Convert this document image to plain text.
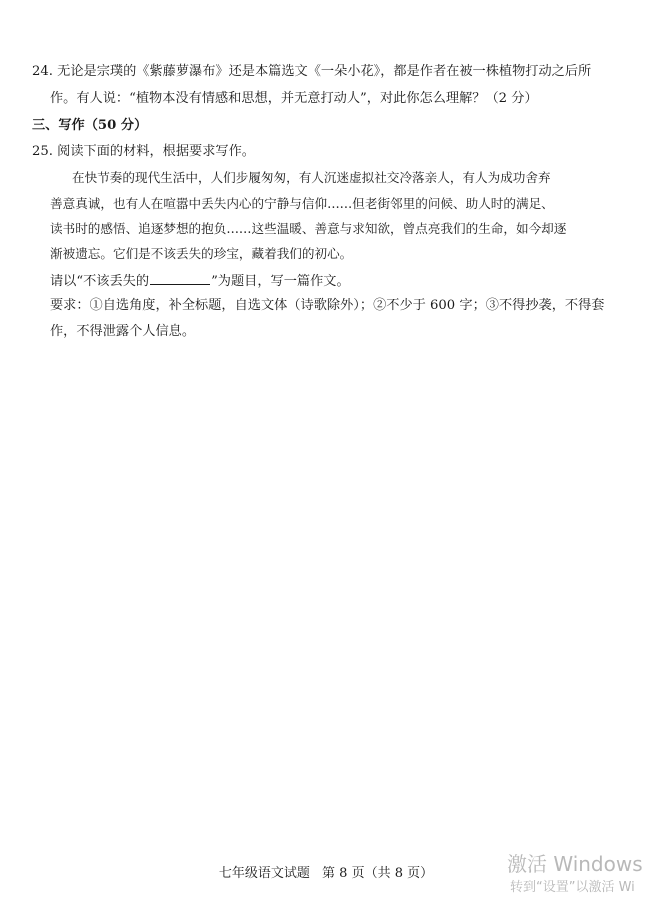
24. 无论是宗璞的《紫藤萝瀑布》还是本篇选文《一朵小花》，都是作者在被一株植物打动之后所
作。有人说：“植物本没有情感和思想，并无意打动人”，对此你怎么理解？（2 分）
三、写作（50 分）
25. 阅读下面的材料，根据要求写作。
在快节奏的现代生活中，人们步履匆匆，有人沉迷虚拟社交冷落亲人，有人为成功舍弃
善意真诚，也有人在喧嚣中丢失内心的宁静与信仰……但老街邻里的问候、助人时的满足、
读书时的感悟、追逐梦想的抱负……这些温暖、善意与求知欲，曾点亮我们的生命，如今却逐
渐被遗忘。它们是不该丢失的珍宝，藏着我们的初心。
请以“不该丢失的	”为题目，写一篇作文。
要求：①自选角度，补全标题，自选文体（诗歌除外）；②不少于 600 字；③不得抄袭，不得套
作，不得泄露个人信息。
七年级语文试题 第 8 页（共 8 页）	激活 Windows
转到“设置”以激活 Wi
